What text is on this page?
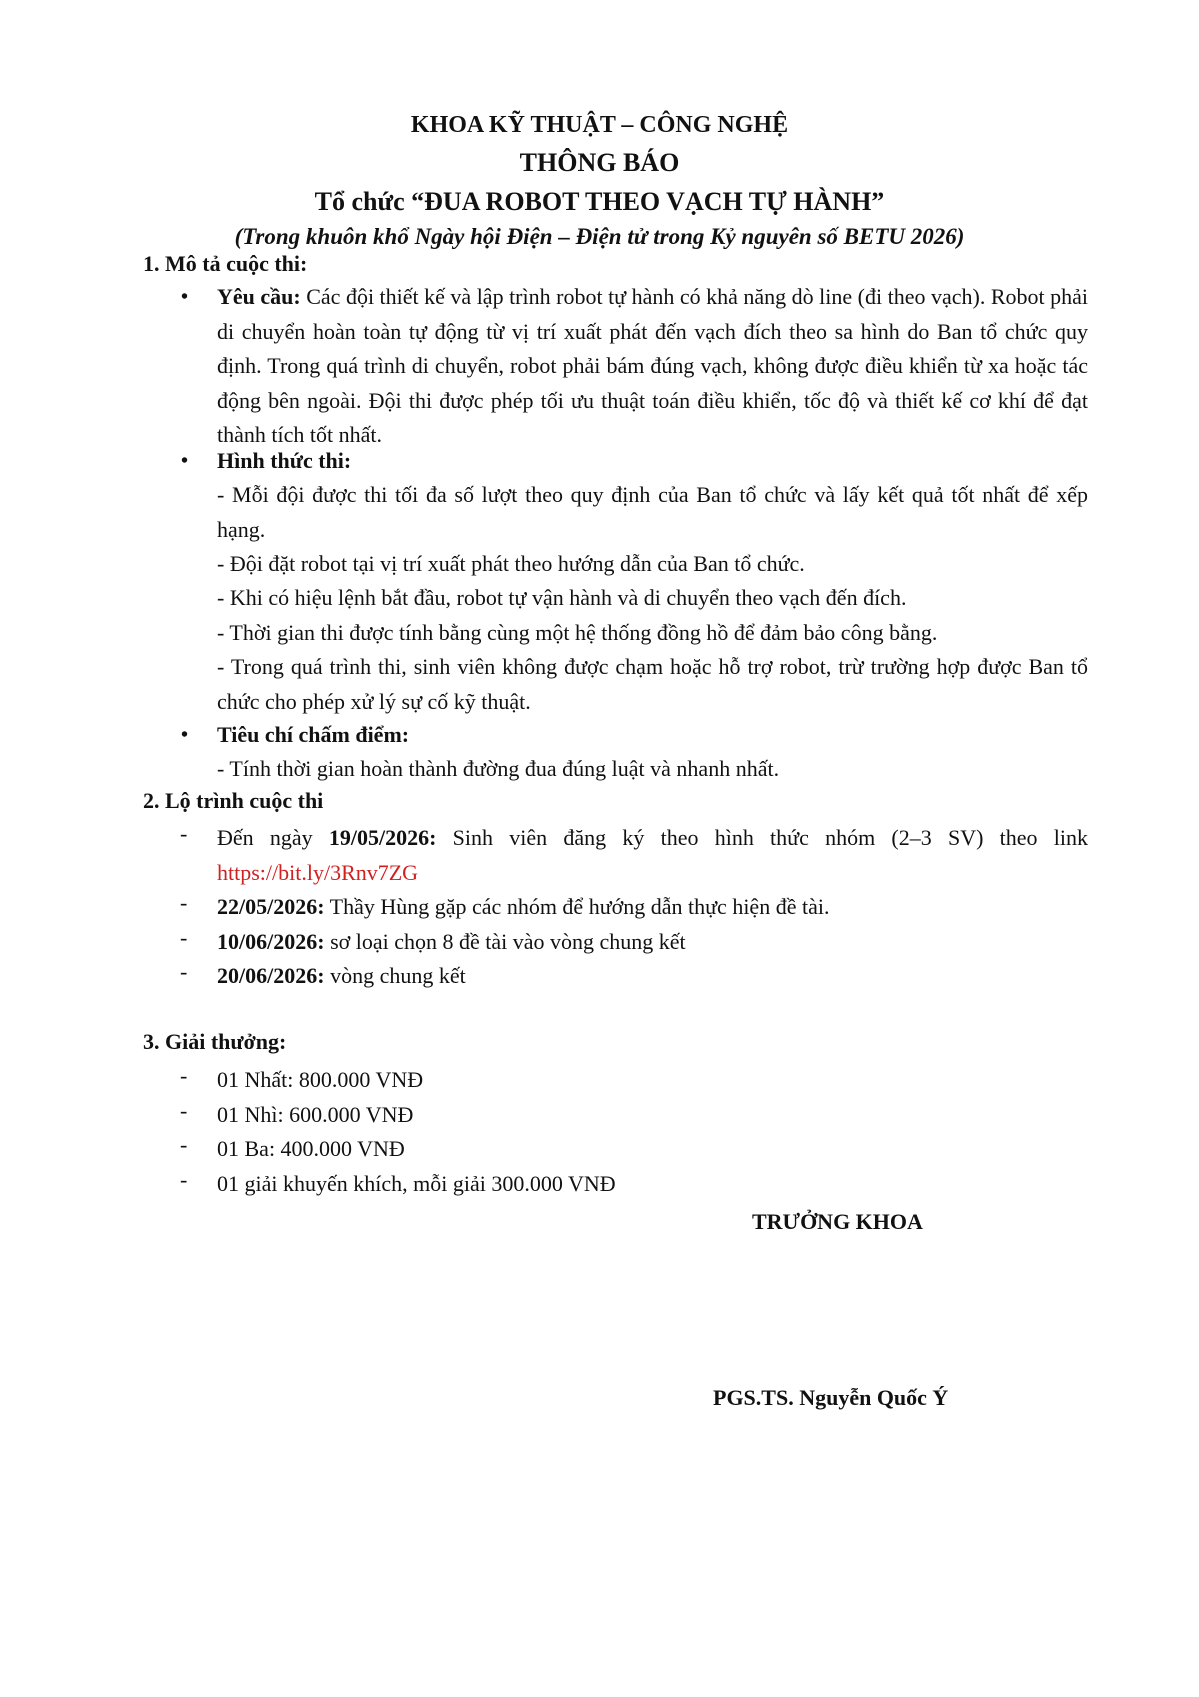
KHOA KỸ THUẬT – CÔNG NGHỆ
THÔNG BÁO
Tổ chức “ĐUA ROBOT THEO VẠCH TỰ HÀNH”
(Trong khuôn khổ Ngày hội Điện – Điện tử trong Kỷ nguyên số BETU 2026)
1. Mô tả cuộc thi:
• Yêu cầu: Các đội thiết kế và lập trình robot tự hành có khả năng dò line (đi theo vạch). Robot phải di chuyển hoàn toàn tự động từ vị trí xuất phát đến vạch đích theo sa hình do Ban tổ chức quy định. Trong quá trình di chuyển, robot phải bám đúng vạch, không được điều khiển từ xa hoặc tác động bên ngoài. Đội thi được phép tối ưu thuật toán điều khiển, tốc độ và thiết kế cơ khí để đạt thành tích tốt nhất.

• Hình thức thi:

- Mỗi đội được thi tối đa số lượt theo quy định của Ban tổ chức và lấy kết quả tốt nhất để xếp hạng.

- Đội đặt robot tại vị trí xuất phát theo hướng dẫn của Ban tổ chức.

- Khi có hiệu lệnh bắt đầu, robot tự vận hành và di chuyển theo vạch đến đích.

- Thời gian thi được tính bằng cùng một hệ thống đồng hồ để đảm bảo công bằng.

- Trong quá trình thi, sinh viên không được chạm hoặc hỗ trợ robot, trừ trường hợp được Ban tổ chức cho phép xử lý sự cố kỹ thuật.

• Tiêu chí chấm điểm:
- Tính thời gian hoàn thành đường đua đúng luật và nhanh nhất.
2. Lộ trình cuộc thi
- Đến ngày 19/05/2026: Sinh viên đăng ký theo hình thức nhóm (2–3 SV) theo link https://bit.ly/3Rnv7ZG

- 22/05/2026: Thầy Hùng gặp các nhóm để hướng dẫn thực hiện đề tài.
- 10/06/2026: sơ loại chọn 8 đề tài vào vòng chung kết
- 20/06/2026: vòng chung kết
3. Giải thưởng:
- 01 Nhất: 800.000 VNĐ
- 01 Nhì: 600.000 VNĐ
- 01 Ba: 400.000 VNĐ
- 01 giải khuyến khích, mỗi giải 300.000 VNĐ
TRƯỞNG KHOA
PGS.TS. Nguyễn Quốc Ý
